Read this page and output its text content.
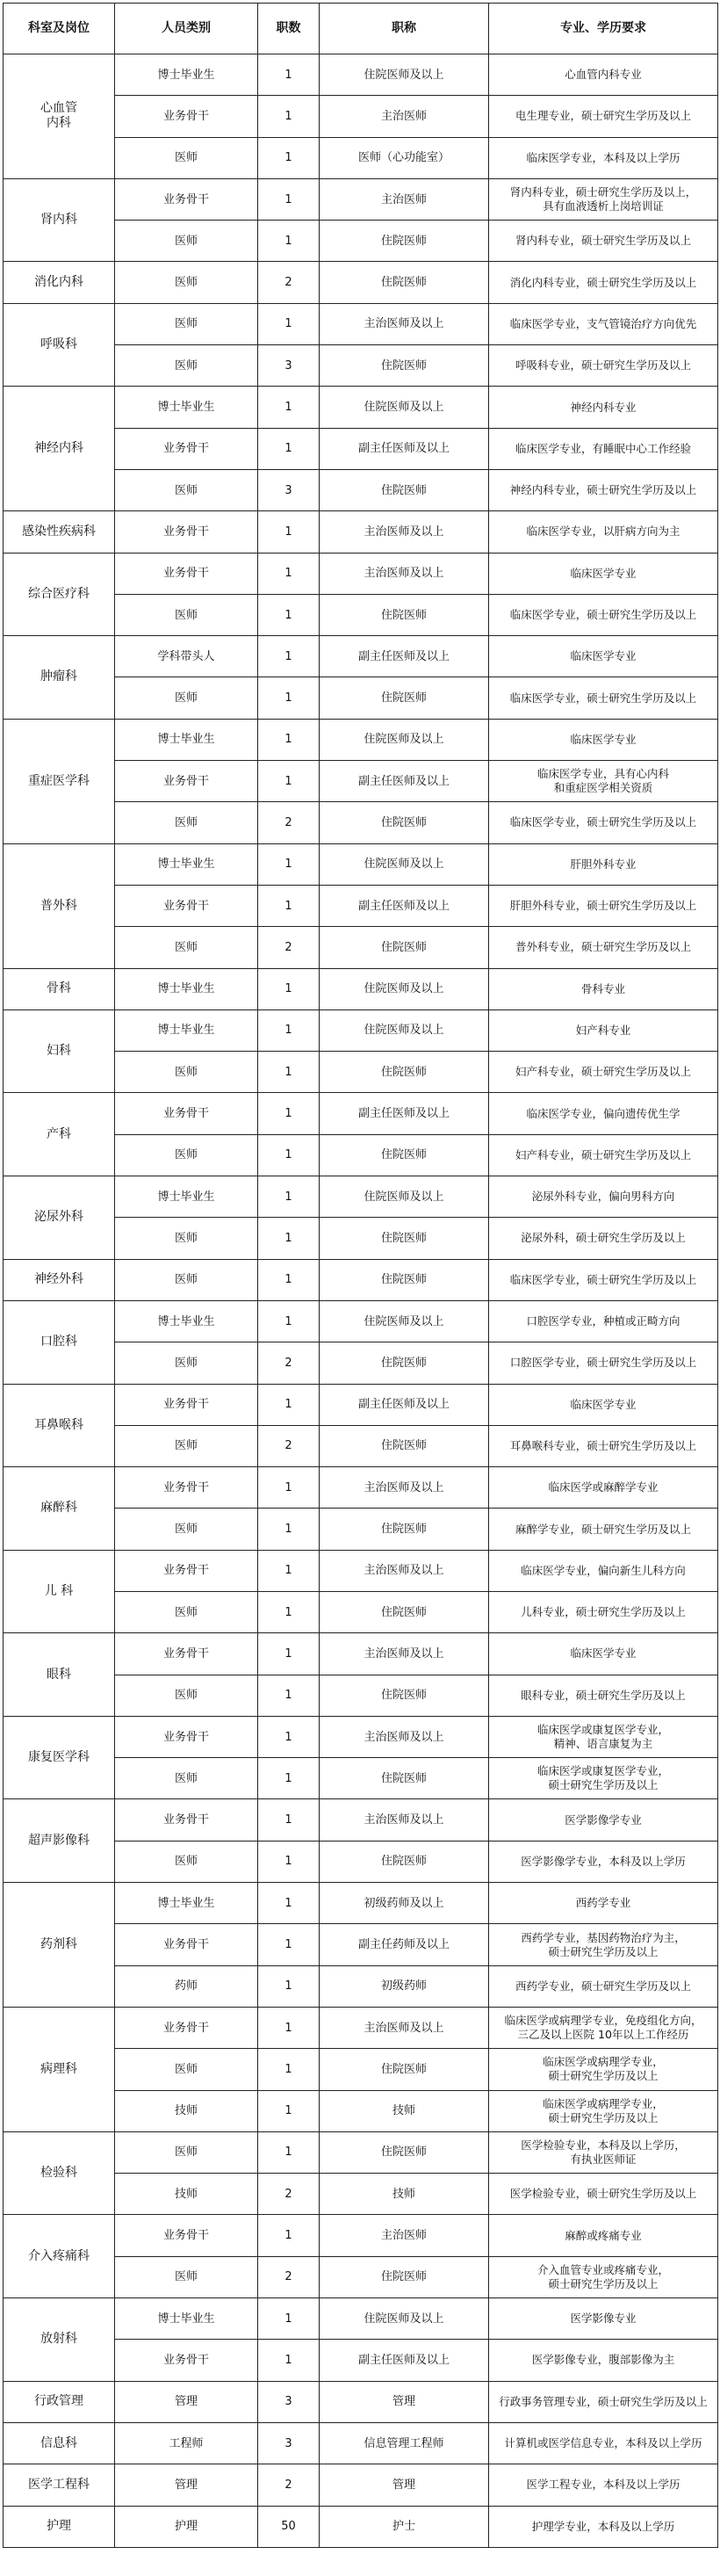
科室及岗位	人员类别	职数	职称	专业、学历要求
心血管
内科	博士毕业生	1	住院医师及以上	心血管内科专业
	业务骨干	1	主治医师	电生理专业，硕士研究生学历及以上
	医师	1	医师（心功能室）	临床医学专业，本科及以上学历
肾内科	业务骨干	1	主治医师	肾内科专业，硕士研究生学历及以上，
具有血液透析上岗培训证
	医师	1	住院医师	肾内科专业，硕士研究生学历及以上
消化内科	医师	2	住院医师	消化内科专业，硕士研究生学历及以上
呼吸科	医师	1	主治医师及以上	临床医学专业，支气管镜治疗方向优先
	医师	3	住院医师	呼吸科专业，硕士研究生学历及以上
神经内科	博士毕业生	1	住院医师及以上	神经内科专业
	业务骨干	1	副主任医师及以上	临床医学专业，有睡眠中心工作经验
	医师	3	住院医师	神经内科专业，硕士研究生学历及以上
感染性疾病科	业务骨干	1	主治医师及以上	临床医学专业，以肝病方向为主
综合医疗科	业务骨干	1	主治医师及以上	临床医学专业
	医师	1	住院医师	临床医学专业，硕士研究生学历及以上
肿瘤科	学科带头人	1	副主任医师及以上	临床医学专业
	医师	1	住院医师	临床医学专业，硕士研究生学历及以上
重症医学科	博士毕业生	1	住院医师及以上	临床医学专业
	业务骨干	1	副主任医师及以上	临床医学专业，具有心内科
和重症医学相关资质
	医师	2	住院医师	临床医学专业，硕士研究生学历及以上
普外科	博士毕业生	1	住院医师及以上	肝胆外科专业
	业务骨干	1	副主任医师及以上	肝胆外科专业，硕士研究生学历及以上
	医师	2	住院医师	普外科专业，硕士研究生学历及以上
骨科	博士毕业生	1	住院医师及以上	骨科专业
妇科	博士毕业生	1	住院医师及以上	妇产科专业
	医师	1	住院医师	妇产科专业，硕士研究生学历及以上
产科	业务骨干	1	副主任医师及以上	临床医学专业，偏向遗传优生学
	医师	1	住院医师	妇产科专业，硕士研究生学历及以上
泌尿外科	博士毕业生	1	住院医师及以上	泌尿外科专业，偏向男科方向
	医师	1	住院医师	泌尿外科，硕士研究生学历及以上
神经外科	医师	1	住院医师	临床医学专业，硕士研究生学历及以上
口腔科	博士毕业生	1	住院医师及以上	口腔医学专业，种植或正畸方向
	医师	2	住院医师	口腔医学专业，硕士研究生学历及以上
耳鼻喉科	业务骨干	1	副主任医师及以上	临床医学专业
	医师	2	住院医师	耳鼻喉科专业，硕士研究生学历及以上
麻醉科	业务骨干	1	主治医师及以上	临床医学或麻醉学专业
	医师	1	住院医师	麻醉学专业，硕士研究生学历及以上
儿 科	业务骨干	1	主治医师及以上	临床医学专业，偏向新生儿科方向
	医师	1	住院医师	儿科专业，硕士研究生学历及以上
眼科	业务骨干	1	主治医师及以上	临床医学专业
	医师	1	住院医师	眼科专业，硕士研究生学历及以上
康复医学科	业务骨干	1	主治医师及以上	临床医学或康复医学专业，
精神、语言康复为主
	医师	1	住院医师	临床医学或康复医学专业，
硕士研究生学历及以上
超声影像科	业务骨干	1	主治医师及以上	医学影像学专业
	医师	1	住院医师	医学影像学专业，本科及以上学历
药剂科	博士毕业生	1	初级药师及以上	西药学专业
	业务骨干	1	副主任药师及以上	西药学专业，基因药物治疗为主，
硕士研究生学历及以上
	药师	1	初级药师	西药学专业，硕士研究生学历及以上
病理科	业务骨干	1	主治医师及以上	临床医学或病理学专业，免疫组化方向，
三乙及以上医院 10年以上工作经历
	医师	1	住院医师	临床医学或病理学专业，
硕士研究生学历及以上
	技师	1	技师	临床医学或病理学专业，
硕士研究生学历及以上
检验科	医师	1	住院医师	医学检验专业，本科及以上学历，
有执业医师证
	技师	2	技师	医学检验专业，硕士研究生学历及以上
介入疼痛科	业务骨干	1	主治医师	麻醉或疼痛专业
	医师	2	住院医师	介入血管专业或疼痛专业，
硕士研究生学历及以上
放射科	博士毕业生	1	住院医师及以上	医学影像专业
	业务骨干	1	副主任医师及以上	医学影像专业，腹部影像为主
行政管理	管理	3	管理	行政事务管理专业，硕士研究生学历及以上
信息科	工程师	3	信息管理工程师	计算机或医学信息专业，本科及以上学历
医学工程科	管理	2	管理	医学工程专业，本科及以上学历
护理	护理	50	护士	护理学专业，本科及以上学历
